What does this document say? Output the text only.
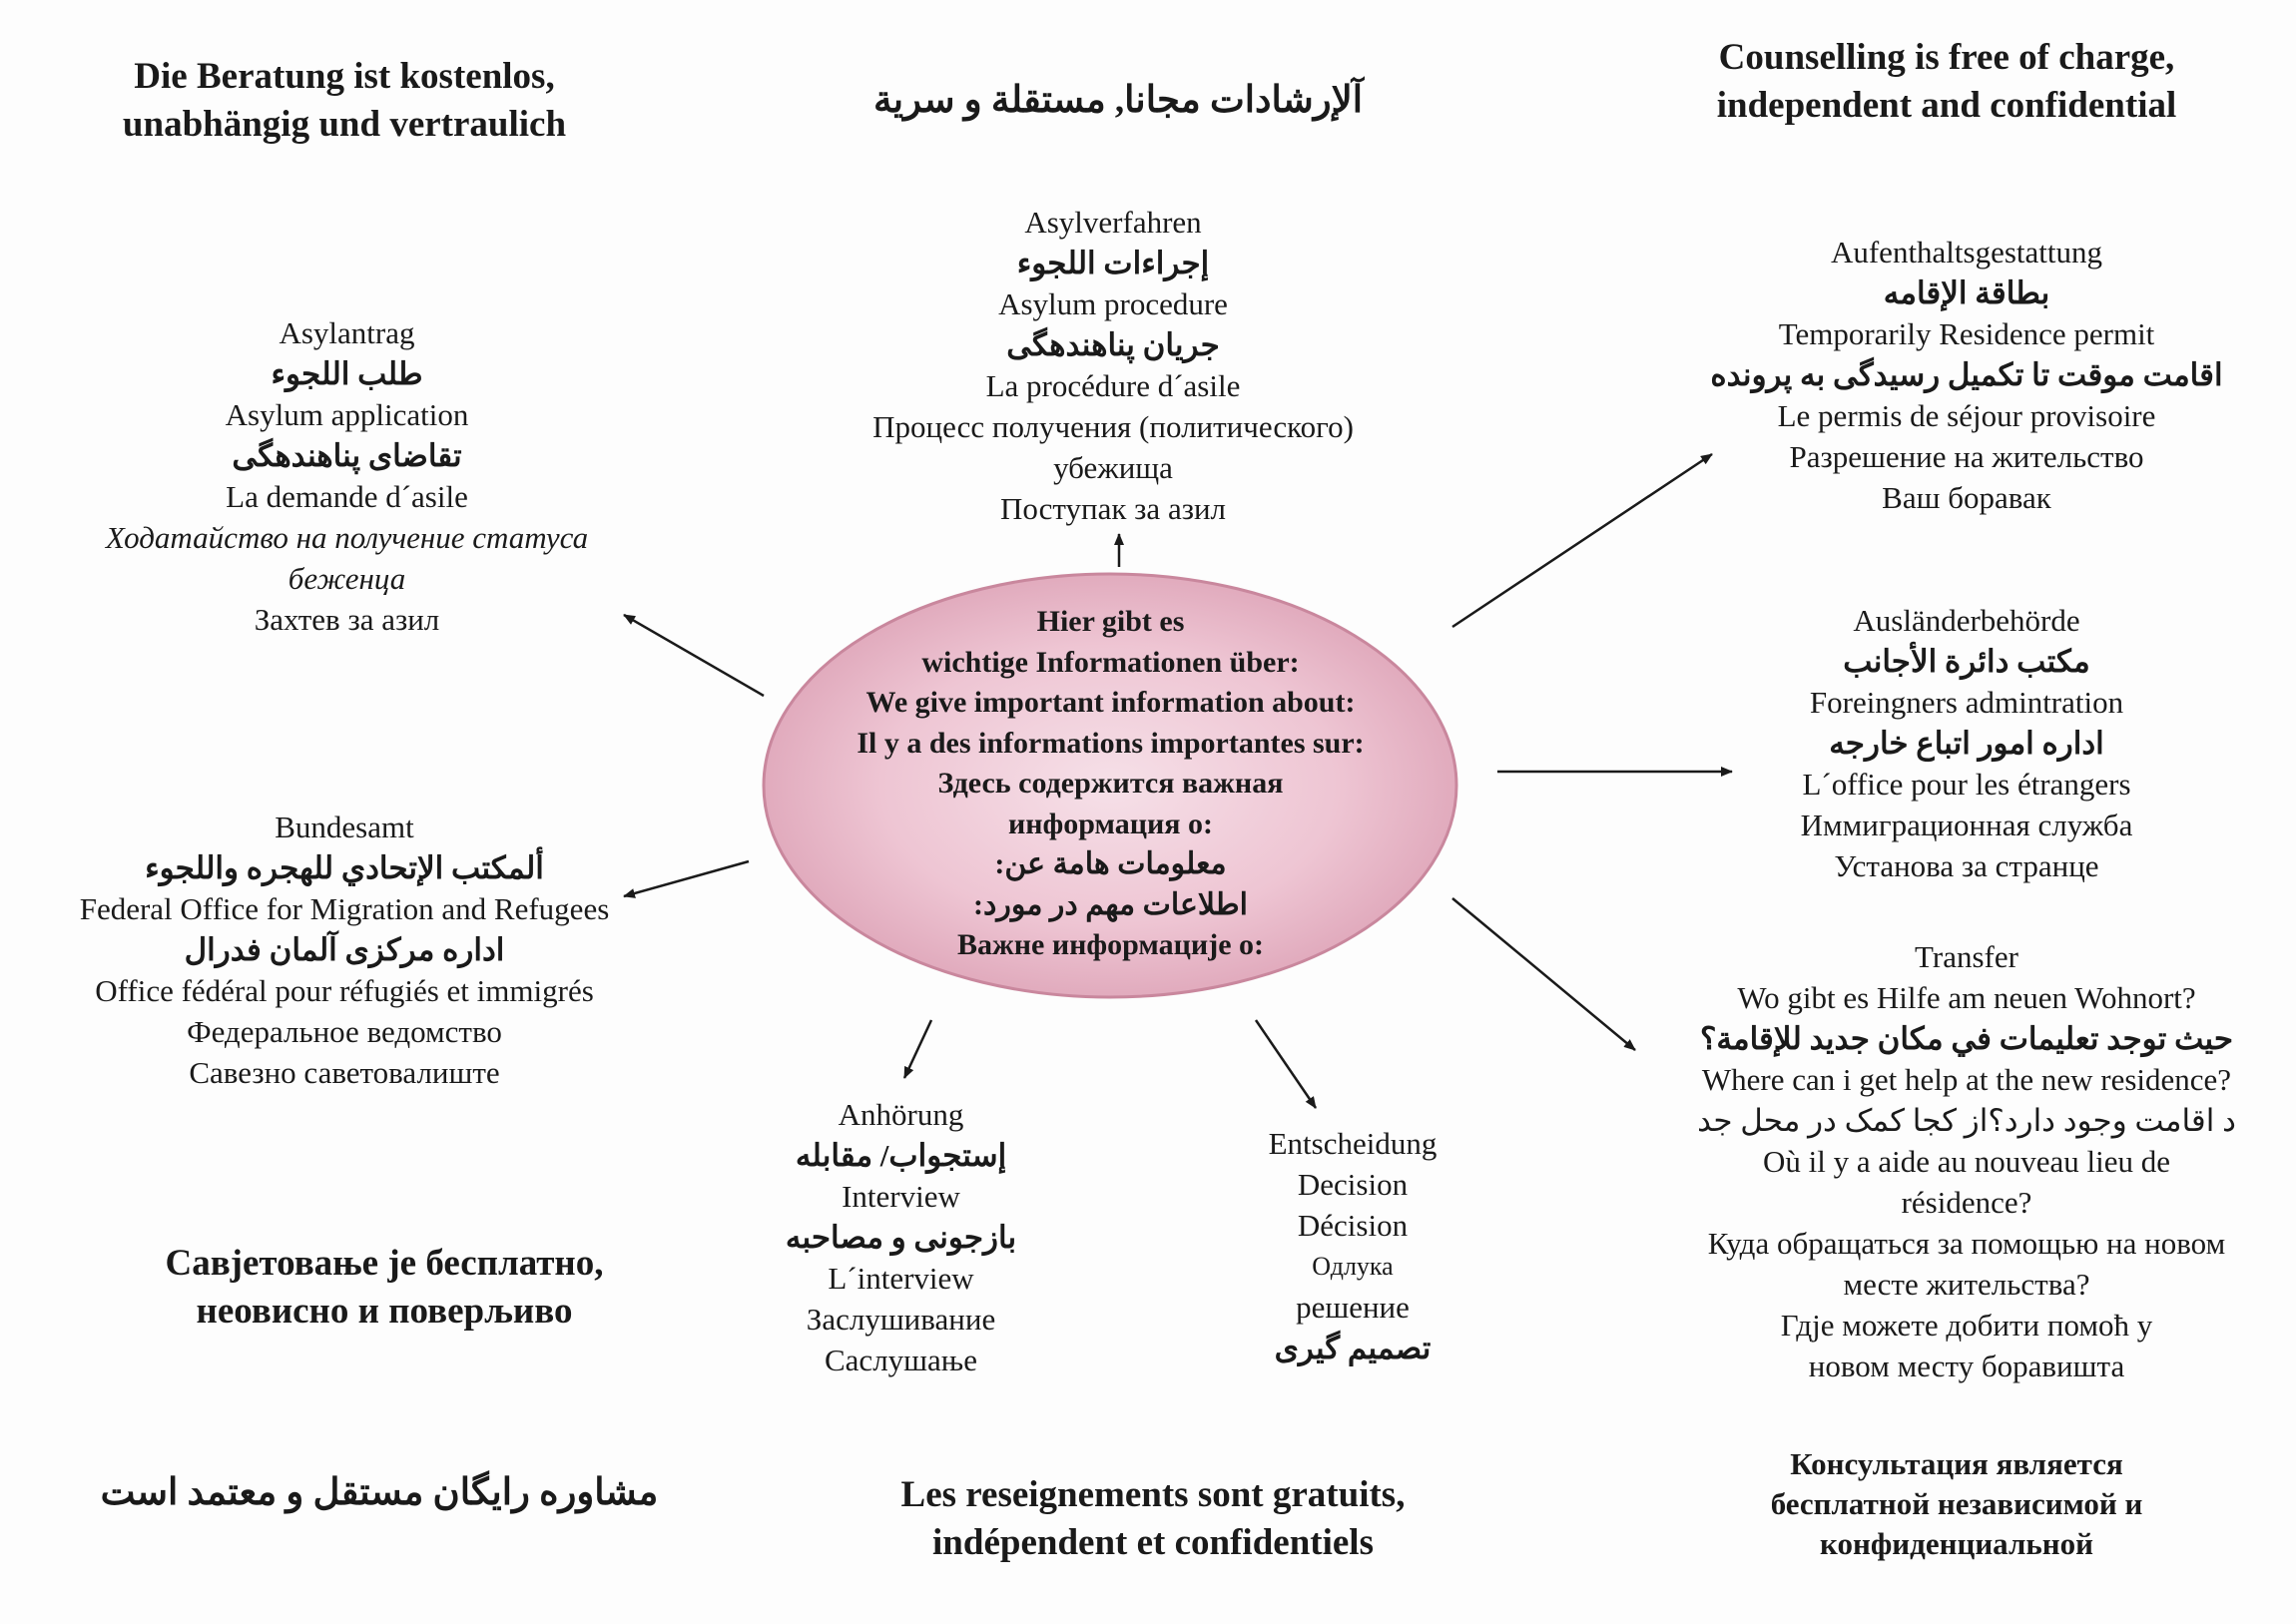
Die Beratung ist kostenlos,
unabhängig und vertraulich
آلإرشادات مجانا, مستقلة و سرية
Counselling is free of charge,
independent and confidential
Савјетовање је бесплатно,
неовисно и поверљиво
مشاوره رایگان مستقل و معتمد است	Les reseignements sont gratuits,
indépendent et confidentiels
Консультация является
бесплатной независимой и
конфиденциальной
Hier gibt es
wichtige Informationen über:
We give important information about:
Il y a des informations importantes sur:
Здесь содержится важная
информация о:
معلومات هامة عن:
اطلاعات مهم در مورد:
Важне информације о:
Asylverfahren
إجراءات اللجوء
Asylum procedure
جریان پناهندهگی
La procédure d´asile
Процесс получения (политического)
убежища
Поступак за азил
Asylantrag
طلب اللجوء
Asylum application
تقاضای پناهندهگی
La demande d´asile
Ходатайство на получение статуса
беженца
Захтев за азил
Aufenthaltsgestattung
بطاقة الإقامه
Temporarily Residence permit
اقامت موقت تا تکمیل رسیدگی به پرونده
Le permis de séjour provisoire
Разрешение на жительство
Ваш боравак
Ausländerbehörde
مكتب دائرة الأجانب
Foreingners admintration
اداره امور اتباع خارجه
L´office pour les étrangers
Иммиграционная служба
Установа за странце
Bundesamt
ألمكتب الإتحادي للهجره واللجوء
Federal Office for Migration and Refugees
اداره مرکزی آلمان فدرال
Office fédéral pour réfugiés et immigrés
Федеральное ведомство
Савезно саветовалиште
Transfer
Wo gibt es Hilfe am neuen Wohnort?
حيث توجد تعليمات في مكان جديد للإقامة؟
Where can i get help at the new residence?
د اقامت وجود دارد؟از کجا کمک در محل جد
Où il y a aide au nouveau lieu de
résidence?
Куда обращаться за помощью на новом
месте жительства?
Гдје можете добити помоћ у
новом месту боравишта
Anhörung
إستجواب/ مقابله
Interview
بازجونی و مصاحبه
L´interview
Заслушивание
Саслушање
Entscheidung
Decision
Décision
Одлука
решение
تصمیم گیری
